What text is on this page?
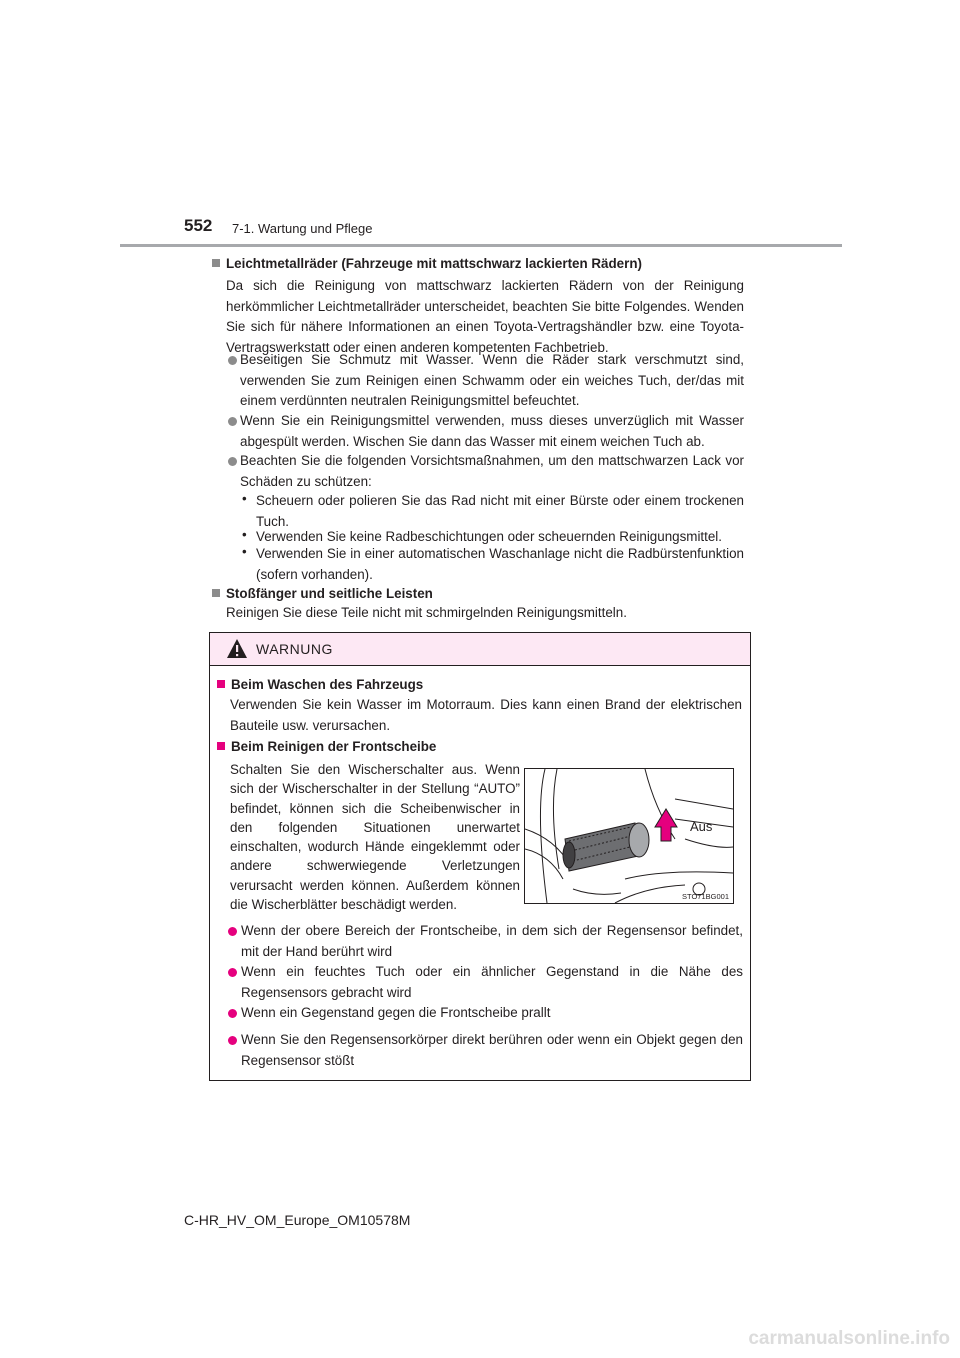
552 7-1. Wartung und Pflege
Leichtmetallräder (Fahrzeuge mit mattschwarz lackierten Rädern)
Da sich die Reinigung von mattschwarz lackierten Rädern von der Reinigung herkömmlicher Leichtmetallräder unterscheidet, beachten Sie bitte Folgendes. Wenden Sie sich für nähere Informationen an einen Toyota-Vertragshändler bzw. eine Toyota-Vertragswerkstatt oder einen anderen kompetenten Fachbetrieb.
Beseitigen Sie Schmutz mit Wasser. Wenn die Räder stark verschmutzt sind, verwenden Sie zum Reinigen einen Schwamm oder ein weiches Tuch, der/das mit einem verdünnten neutralen Reinigungsmittel befeuchtet.
Wenn Sie ein Reinigungsmittel verwenden, muss dieses unverzüglich mit Wasser abgespült werden. Wischen Sie dann das Wasser mit einem weichen Tuch ab.
Beachten Sie die folgenden Vorsichtsmaßnahmen, um den mattschwarzen Lack vor Schäden zu schützen:
• Scheuern oder polieren Sie das Rad nicht mit einer Bürste oder einem trockenen Tuch.
• Verwenden Sie keine Radbeschichtungen oder scheuernden Reinigungsmittel.
• Verwenden Sie in einer automatischen Waschanlage nicht die Radbürstenfunktion (sofern vorhanden).
Stoßfänger und seitliche Leisten
Reinigen Sie diese Teile nicht mit schmirgelnden Reinigungsmitteln.
WARNUNG
Beim Waschen des Fahrzeugs
Verwenden Sie kein Wasser im Motorraum. Dies kann einen Brand der elektrischen Bauteile usw. verursachen.
Beim Reinigen der Frontscheibe
Schalten Sie den Wischerschalter aus. Wenn sich der Wischerschalter in der Stellung “AUTO” befindet, können sich die Scheibenwischer in den folgenden Situationen unerwartet einschalten, wodurch Hände eingeklemmt oder andere schwerwiegende Verletzungen verursacht werden können. Außerdem können die Wischerblätter beschädigt werden.
Aus
STO71BG001
Wenn der obere Bereich der Frontscheibe, in dem sich der Regensensor befindet, mit der Hand berührt wird
Wenn ein feuchtes Tuch oder ein ähnlicher Gegenstand in die Nähe des Regensensors gebracht wird
Wenn ein Gegenstand gegen die Frontscheibe prallt
Wenn Sie den Regensensorkörper direkt berühren oder wenn ein Objekt gegen den Regensensor stößt
C-HR_HV_OM_Europe_OM10578M
carmanualsonline.info
